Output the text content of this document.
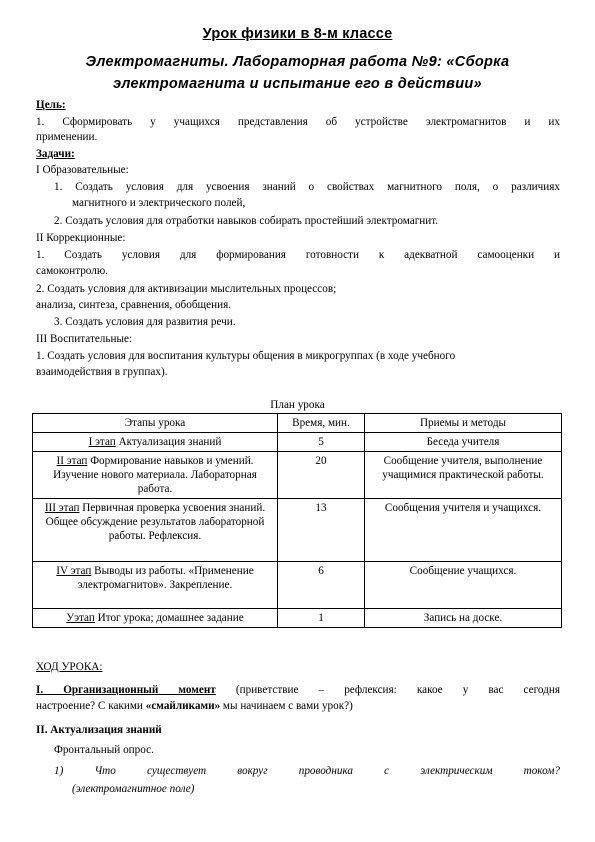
Урок физики в 8-м классе
Электромагниты. Лабораторная работа №9: «Сборка
электромагнита и испытание его в действии»
Цель:
1. Сформировать у учащихся представления об устройстве электромагнитов и их
применении.
Задачи:
I Образовательные:
1. Создать условия для усвоения знаний о свойствах магнитного поля, о различиях
магнитного и электрического полей,
2. Создать условия для отработки навыков собирать простейший электромагнит.
II Коррекционные:
1. Создать условия для формирования готовности к адекватной самооценки и
самоконтролю.
2. Создать условия для активизации мыслительных процессов;
анализа, синтеза, сравнения, обобщения.
3. Создать условия для развития речи.
III Воспитательные:
1. Создать условия для воспитания культуры общения в микрогруппах (в ходе учебного
взаимодействия в группах).
План урока
Этапы урока	Время, мин.	Приемы и методы
I этап Актуализация знаний	5	Беседа учителя
II этап Формирование навыков и умений. Изучение нового материала. Лабораторная работа.	20	Сообщение учителя, выполнение учащимися практической работы.
III этап Первичная проверка усвоения знаний. Общее обсуждение результатов лабораторной работы. Рефлексия.	13	Сообщения учителя и учащихся.
IV этап Выводы из работы. «Применение электромагнитов». Закрепление.	6	Сообщение учащихся.
Уэтап Итог урока; домашнее задание	1	Запись на доске.
ХОД УРОКА:
I. Организационный момент (приветствие – рефлексия: какое у вас сегодня
настроение? С какими «смайликами» мы начинаем с вами урок?)
II. Актуализация знаний
Фронтальный опрос.
1) Что существует вокруг проводника с электрическим током?
(электромагнитное поле)
